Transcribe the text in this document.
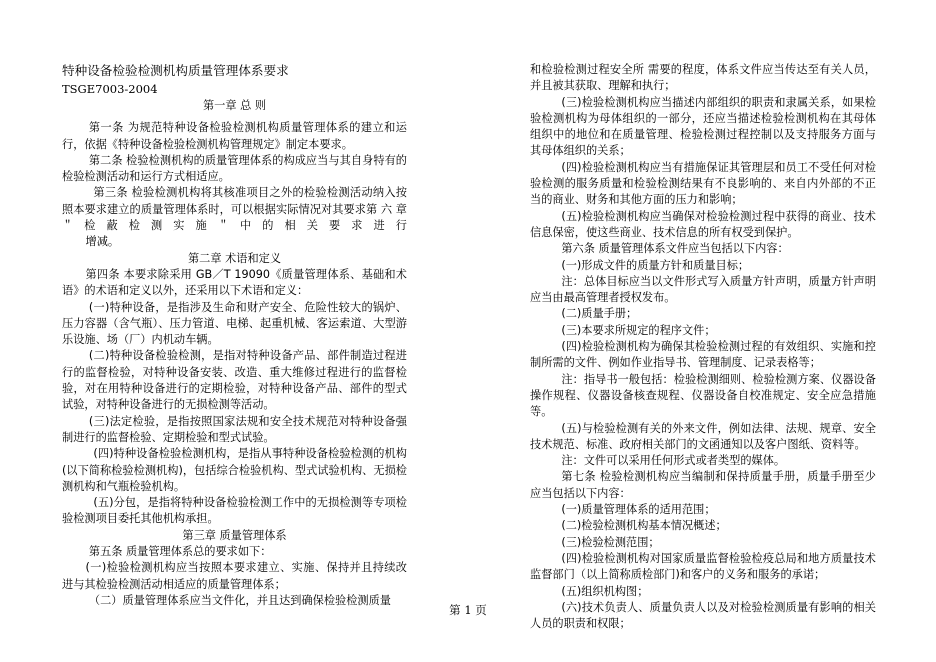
特种设备检验检测机构质量管理体系要求

TSGE7003-2004

第一章 总 则

第一条 为规范特种设备检验检测机构质量管理体系的建立和运行，依据《特种设备检验检测机构管理规定》制定本要求。

第二条 检验检测机构的质量管理体系的构成应当与其自身特有的检验检测活动和运行方式相适应。

第三条 检验检测机构将其核准项目之外的检验检测活动纳入按照本要求建立的质量管理体系时，可以根据实际情况对其要求第 六 章 ＂ 检 蔽 检 测 实 施 ＂ 中 的 相 关 要 求 进 行

增减。

第二章 术语和定义

第四条 本要求除采用 GB／T 19090《质量管理体系、基础和术语》的术语和定义以外，还采用以下术语和定义：

(一)特种设备，是指涉及生命和财产安全、危险性较大的锅炉、压力容器（含气瓶）、压力管道、电梯、起重机械、客运索道、大型游乐设施、场（厂）内机动车辆。

(二)特种设备检验检测，是指对特种设备产品、部件制造过程进行的监督检验，对特种设备安装、改造、重大维修过程进行的监督检验，对在用特种设备进行的定期检验，对特种设备产品、部件的型式试验，对特种设备进行的无损检测等活动。

(三)法定检验，是指按照国家法规和安全技术规范对特种设备强制进行的监督检验、定期检验和型式试验。

(四)特种设备检验检测机构，是指从事特种设备检验检测的机构(以下简称检验检测机构)，包括综合检验机构、型式试验机构、无损检测机构和气瓶检验机构。

(五)分包，是指将特种设备检验检测工作中的无损检测等专项检验检测项目委托其他机构承担。

第三章 质量管理体系

第五条 质量管理体系总的要求如下：

(一)检验检测机构应当按照本要求建立、实施、保持并且持续改进与其检验检测活动相适应的质量管理体系；

（二）质量管理体系应当文件化，并且达到确保检验检测质量

和检验检测过程安全所 需要的程度，体系文件应当传达至有关人员，并且被其获取、理解和执行；

(三)检验检测机构应当描述内部组织的职责和隶属关系，如果检验检测机构为母体组织的一部分，还应当描述检验检测机构在其母体组织中的地位和在质量管理、检验检测过程控制以及支持服务方面与其母体组织的关系；

(四)检验检测机构应当有措施保证其管理层和员工不受任何对检验检测的服务质量和检验检测结果有不良影响的、来自内外部的不正当的商业、财务和其他方面的压力和影响；

(五)检验检测机构应当确保对检验检测过程中获得的商业、技术信息保密，使这些商业、技术信息的所有权受到保护。

第六条 质量管理体系文件应当包括以下内容：

(一)形成文件的质量方针和质量目标；

注：总体目标应当以文件形式写入质量方针声明，质量方针声明应当由最高管理者授权发布。

(二)质量手册；

(三)本要求所规定的程序文件；

(四)检验检测机构为确保其检验检测过程的有效组织、实施和控制所需的文件、例如作业指导书、管理制度、记录表格等；

注：指导书一般包括：检验检测细则、检验检测方案、仪器设备操作规程、仪器设备核查规程、仪器设备自校准规定、安全应急措施等。

(五)与检验检测有关的外来文件，例如法律、法规、规章、安全技术规范、标准、政府相关部门的文函通知以及客户图纸、资料等。

注：文件可以采用任何形式或者类型的媒体。

第七条 检验检测机构应当编制和保持质量手册，质量手册至少应当包括以下内容：

(一)质量管理体系的适用范围；

(二)检验检测机构基本情况概述；

(三)检验检测范围；

(四)检验检测机构对国家质量监督检验检疫总局和地方质量技术监督部门（以上简称质检部门)和客户的义务和服务的承诺；

(五)组织机构图；

(六)技术负责人、质量负责人以及对检验检测质量有影响的相关人员的职责和权限；

第 1 页
